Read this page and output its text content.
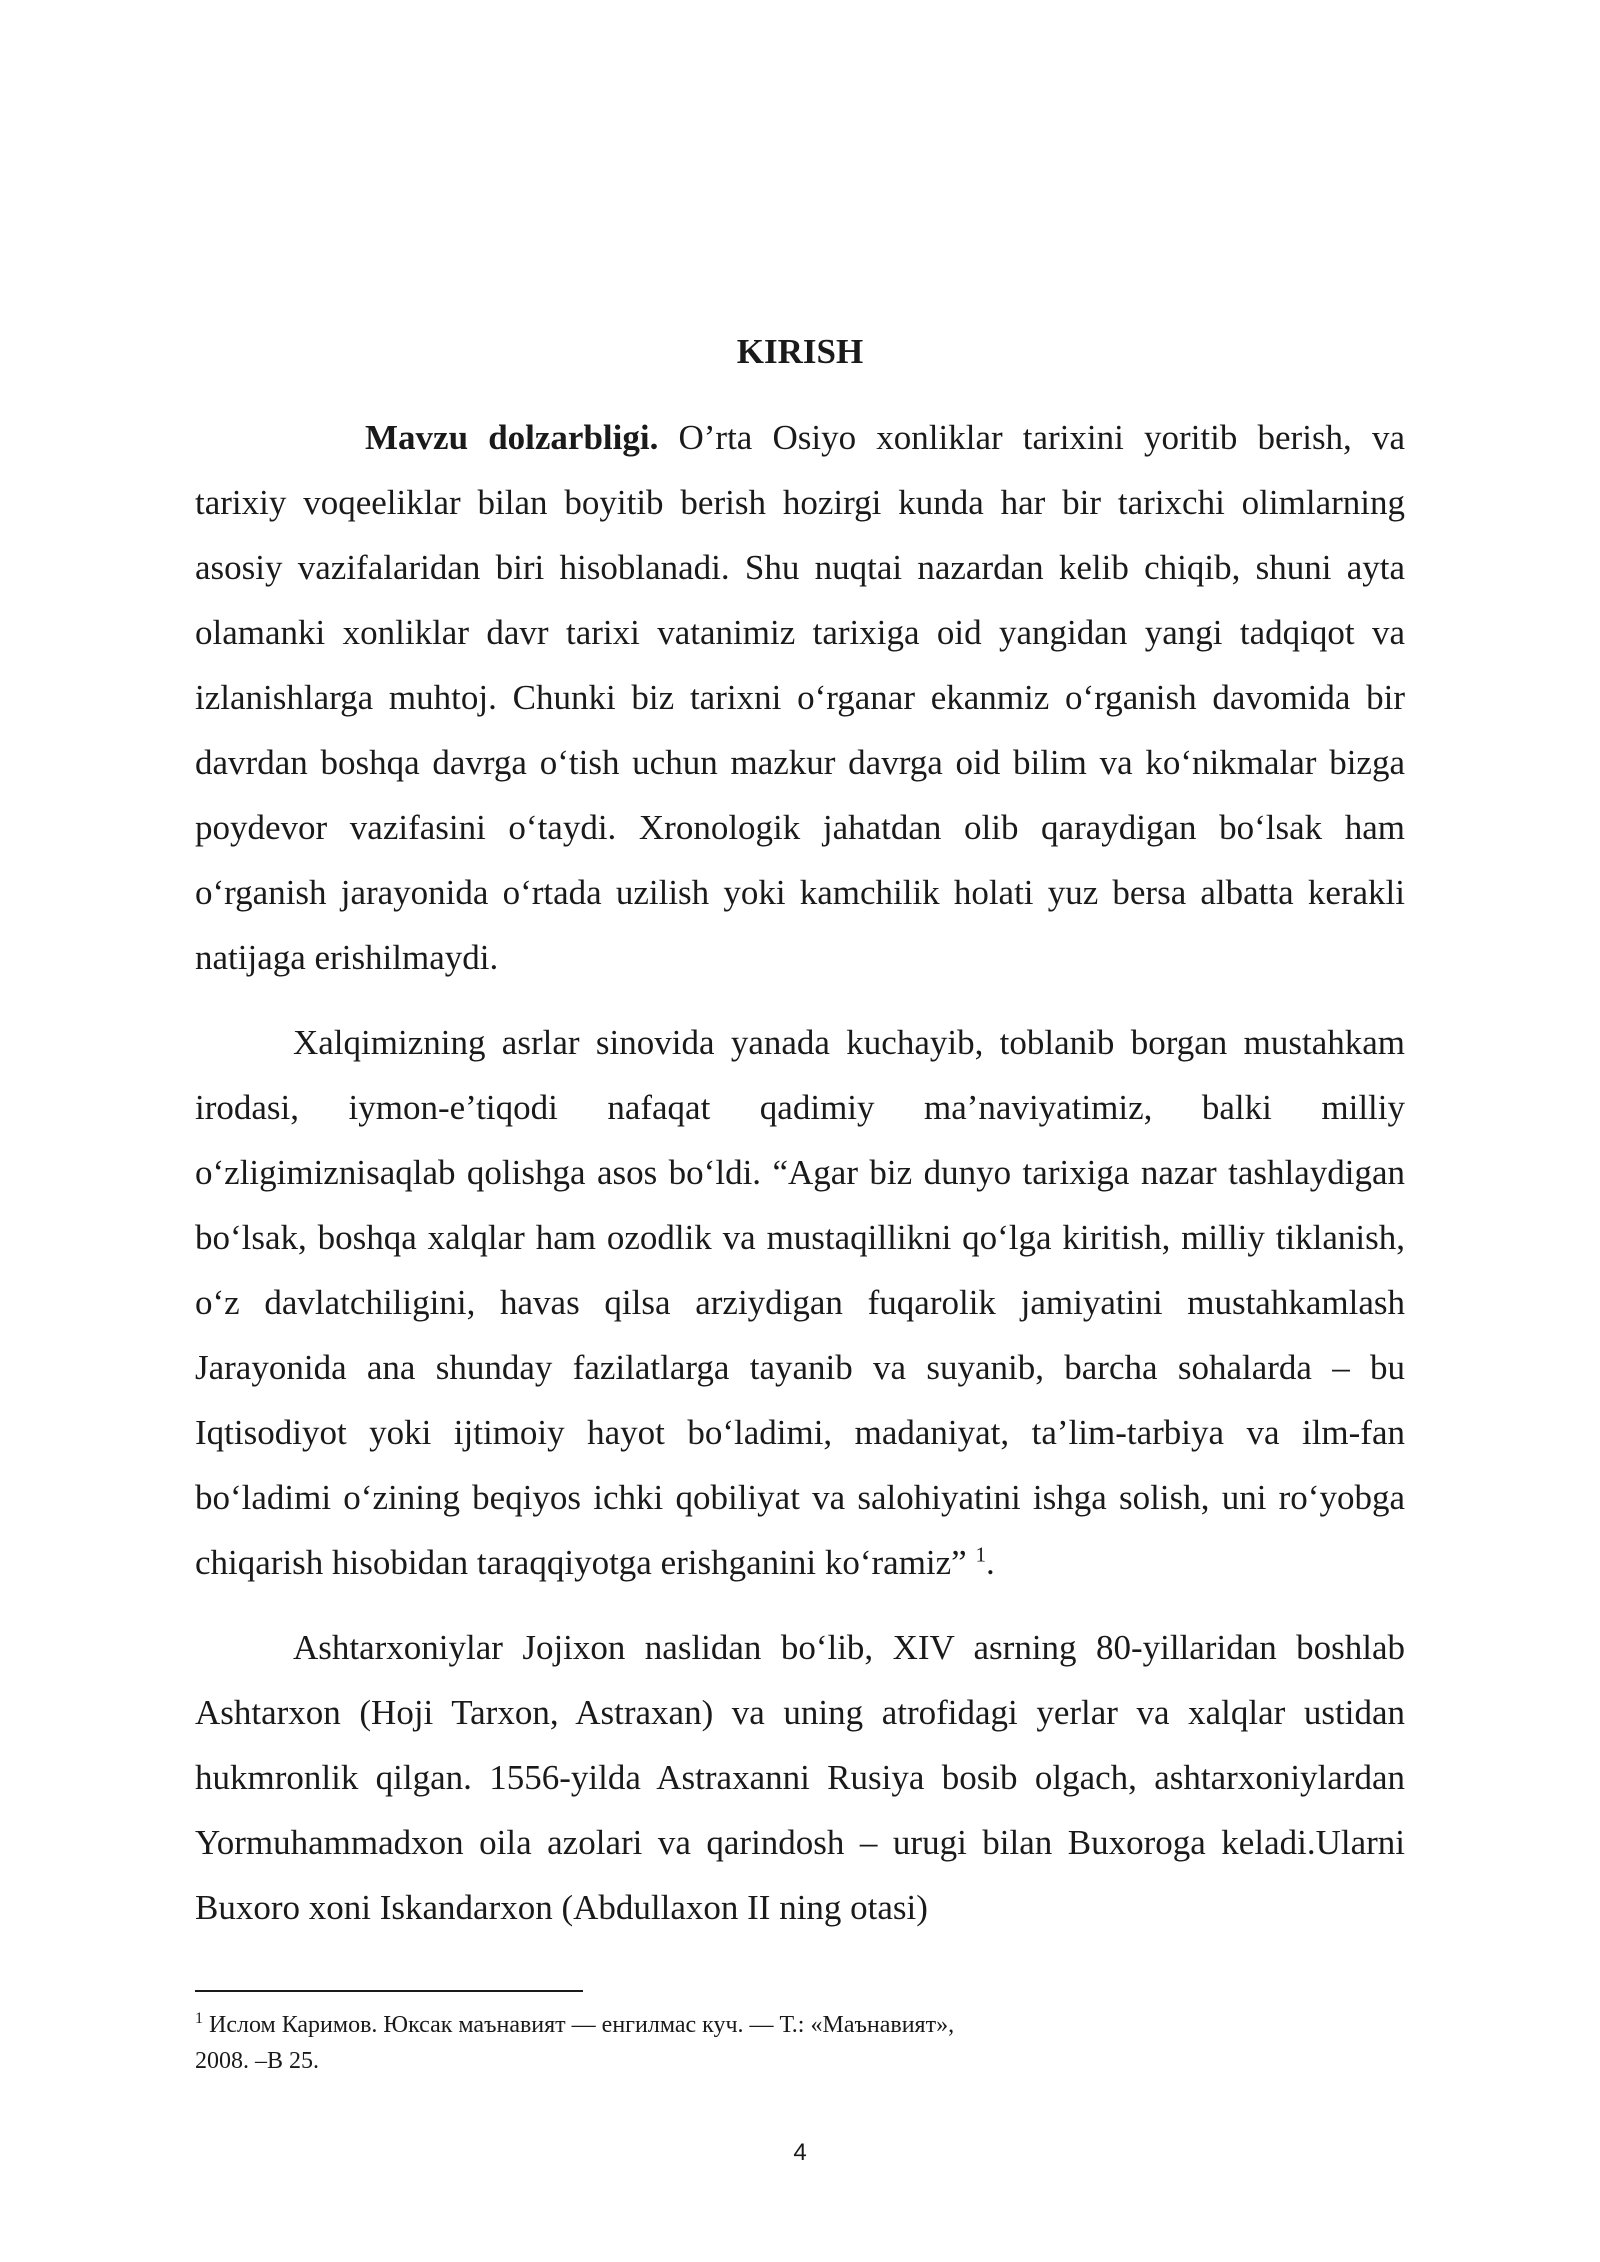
KIRISH

Mavzu dolzarbligi. O’rta Osiyo xonliklar tarixini yoritib berish, va tarixiy voqeeliklar bilan boyitib berish hozirgi kunda har bir tarixchi olimlarning asosiy vazifalaridan biri hisoblanadi. Shu nuqtai nazardan kelib chiqib, shuni ayta olamanki xonliklar davr tarixi vatanimiz tarixiga oid yangidan yangi tadqiqot va izlanishlarga muhtoj. Chunki biz tarixni o‘rganar ekanmiz o‘rganish davomida bir davrdan boshqa davrga o‘tish uchun mazkur davrga oid bilim va ko‘nikmalar bizga poydevor vazifasini o‘taydi. Xronologik jahatdan olib qaraydigan bo‘lsak ham o‘rganish jarayonida o‘rtada uzilish yoki kamchilik holati yuz bersa albatta kerakli natijaga erishilmaydi.

Xalqimizning asrlar sinovida yanada kuchayib, toblanib borgan mustahkam irodasi, iymon-e’tiqodi nafaqat qadimiy ma’naviyatimiz, balki milliy o‘zligimiznisaqlab qolishga asos bo‘ldi. “Agar biz dunyo tarixiga nazar tashlaydigan bo‘lsak, boshqa xalqlar ham ozodlik va mustaqillikni qo‘lga kiritish, milliy tiklanish, o‘z davlatchiligini, havas qilsa arziydigan fuqarolik jamiyatini mustahkamlash Jarayonida ana shunday fazilatlarga tayanib va suyanib, barcha sohalarda – bu Iqtisodiyot yoki ijtimoiy hayot bo‘ladimi, madaniyat, ta’lim-tarbiya va ilm-fan bo‘ladimi o‘zining beqiyos ichki qobiliyat va salohiyatini ishga solish, uni ro‘yobga chiqarish hisobidan taraqqiyotga erishganini ko‘ramiz” $^1$.

Ashtarxoniylar Jojixon naslidan bo‘lib, XIV asrning 80-yillaridan boshlab Ashtarxon (Hoji Tarxon, Astraxan) va uning atrofidagi yerlar va xalqlar ustidan hukmronlik qilgan. 1556-yilda Astraxanni Rusiya bosib olgach, ashtarxoniylardan Yormuhammadxon oila azolari va qarindosh – urugi bilan Buxoroga keladi.Ularni Buxoro xoni Iskandarxon (Abdullaxon II ning otasi)

$^1$ Ислом Каримов. Юксак маънавият — енгилмас куч. — Т.: «Маънавият»,
2008. –B 25.
4
